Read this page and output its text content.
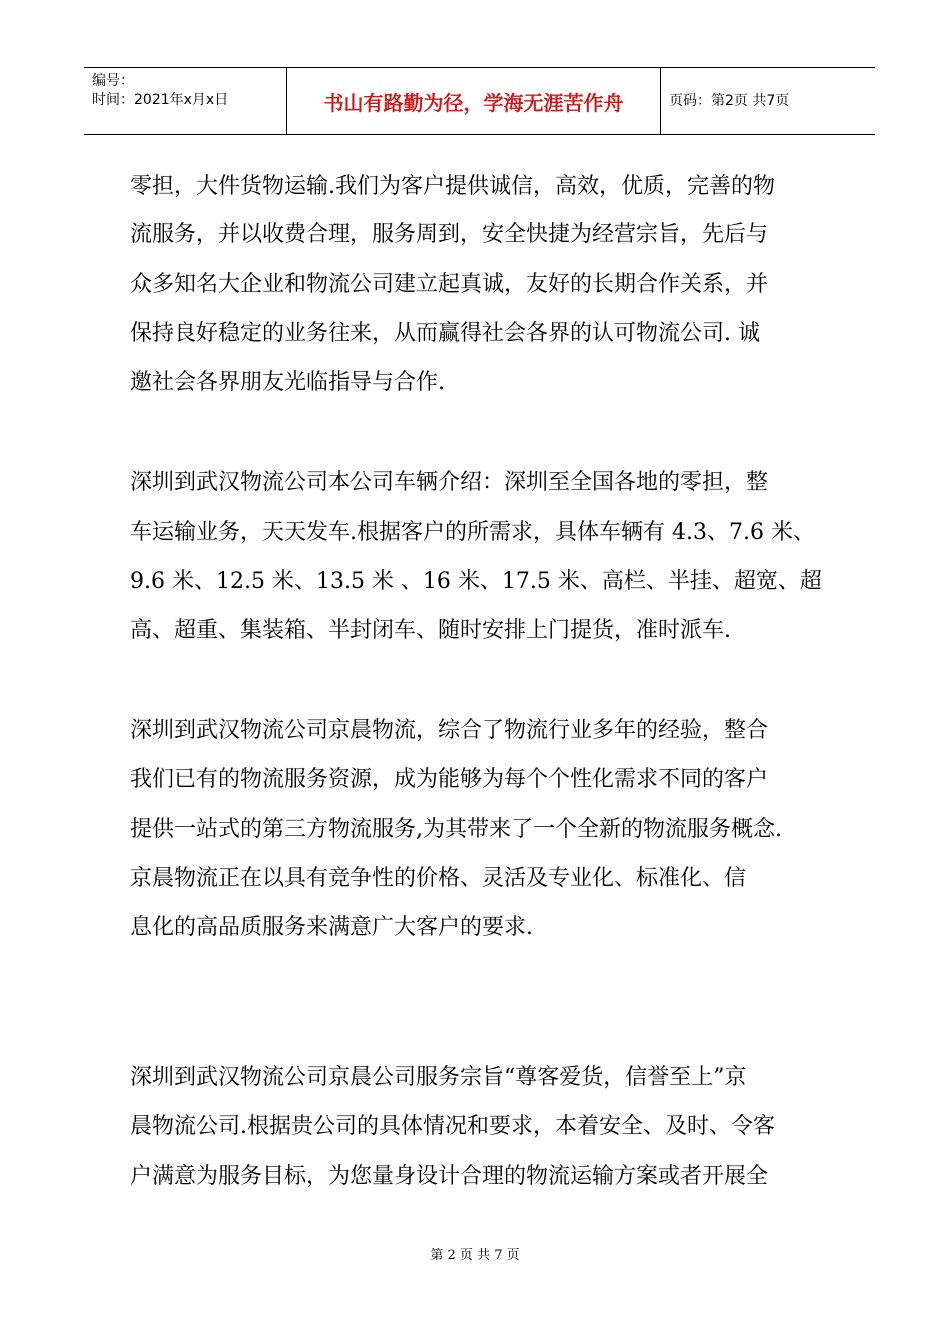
编号：
时间：2021年x月x日	书山有路勤为径，学海无涯苦作舟	页码：第2页 共7页
零担，大件货物运输.我们为客户提供诚信，高效，优质，完善的物
流服务，并以收费合理，服务周到，安全快捷为经营宗旨，先后与
众多知名大企业和物流公司建立起真诚，友好的长期合作关系，并
保持良好稳定的业务往来，从而赢得社会各界的认可物流公司. 诚
邀社会各界朋友光临指导与合作.
深圳到武汉物流公司本公司车辆介绍：深圳至全国各地的零担，整
车运输业务，天天发车.根据客户的所需求，具体车辆有 4.3、7.6 米、
9.6 米、12.5 米、13.5 米 、16 米、17.5 米、高栏、半挂、超宽、超
高、超重、集装箱、半封闭车、随时安排上门提货，准时派车.
深圳到武汉物流公司京晨物流，综合了物流行业多年的经验，整合
我们已有的物流服务资源，成为能够为每个个性化需求不同的客户
提供一站式的第三方物流服务,为其带来了一个全新的物流服务概念.
京晨物流正在以具有竞争性的价格、灵活及专业化、标准化、信
息化的高品质服务来满意广大客户的要求.
深圳到武汉物流公司京晨公司服务宗旨“尊客爱货，信誉至上”京
晨物流公司.根据贵公司的具体情况和要求，本着安全、及时、令客
户满意为服务目标，为您量身设计合理的物流运输方案或者开展全
第 2 页 共 7 页
